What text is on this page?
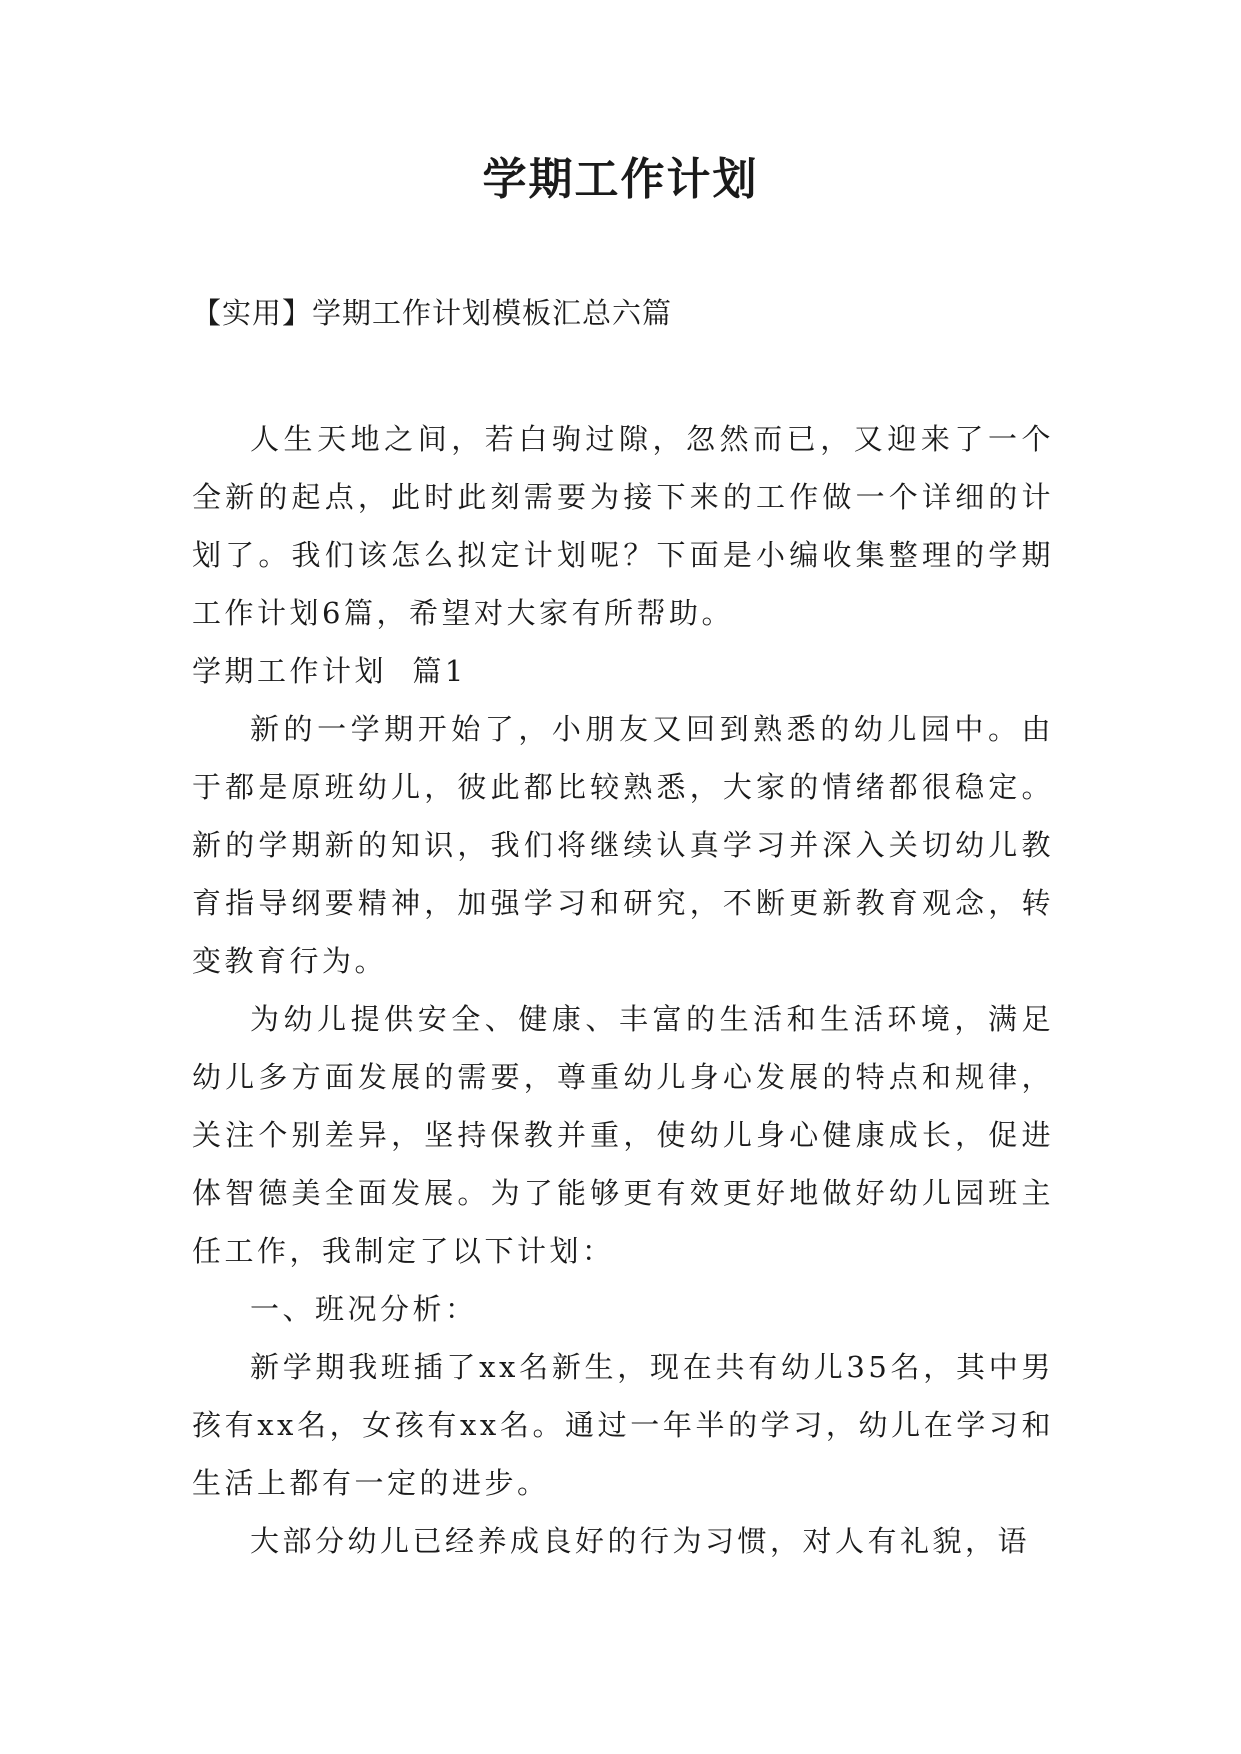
学期工作计划

【实用】学期工作计划模板汇总六篇

人生天地之间，若白驹过隙，忽然而已，又迎来了一个全新的起点，此时此刻需要为接下来的工作做一个详细的计划了。我们该怎么拟定计划呢？下面是小编收集整理的学期工作计划6篇，希望对大家有所帮助。

学期工作计划  篇1

新的一学期开始了，小朋友又回到熟悉的幼儿园中。由于都是原班幼儿，彼此都比较熟悉，大家的情绪都很稳定。新的学期新的知识，我们将继续认真学习并深入关切幼儿教育指导纲要精神，加强学习和研究，不断更新教育观念，转变教育行为。

为幼儿提供安全、健康、丰富的生活和生活环境，满足幼儿多方面发展的需要，尊重幼儿身心发展的特点和规律，关注个别差异，坚持保教并重，使幼儿身心健康成长，促进体智德美全面发展。为了能够更有效更好地做好幼儿园班主任工作，我制定了以下计划：

一、班况分析：

新学期我班插了xx名新生，现在共有幼儿35名，其中男孩有xx名，女孩有xx名。通过一年半的学习，幼儿在学习和生活上都有一定的进步。

大部分幼儿已经养成良好的行为习惯，对人有礼貌，语
